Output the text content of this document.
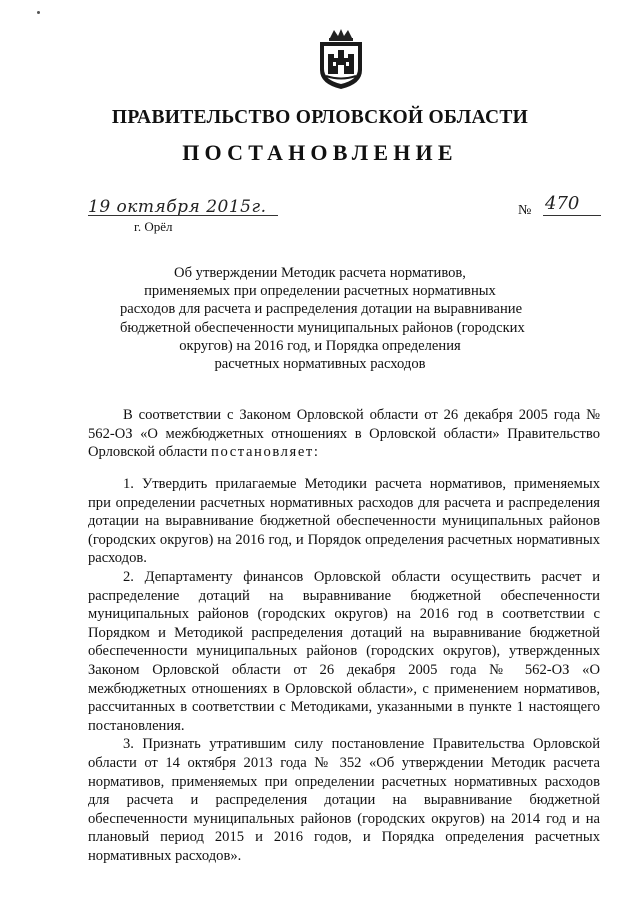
ПРАВИТЕЛЬСТВО ОРЛОВСКОЙ ОБЛАСТИ
ПОСТАНОВЛЕНИЕ
19 октября 2015г.
г. Орёл
№ 470
Об утверждении Методик расчета нормативов,
применяемых при определении расчетных нормативных
расходов для расчета и распределения дотации на выравнивание
бюджетной обеспеченности муниципальных районов (городских
округов) на 2016 год, и Порядка определения
расчетных нормативных расходов

В соответствии с Законом Орловской области от 26 декабря 2005 года № 562-ОЗ «О межбюджетных отношениях в Орловской области» Правительство Орловской области постановляет:

1. Утвердить прилагаемые Методики расчета нормативов, применяемых при определении расчетных нормативных расходов для расчета и распределения дотации на выравнивание бюджетной обеспеченности муниципальных районов (городских округов) на 2016 год, и Порядок определения расчетных нормативных расходов.

2. Департаменту финансов Орловской области осуществить расчет и распределение дотаций на выравнивание бюджетной обеспеченности муниципальных районов (городских округов) на 2016 год в соответствии с Порядком и Методикой распределения дотаций на выравнивание бюджетной обеспеченности муниципальных районов (городских округов), утвержденных Законом Орловской области от 26 декабря 2005 года № 562-ОЗ «О межбюджетных отношениях в Орловской области», с применением нормативов, рассчитанных в соответствии с Методиками, указанными в пункте 1 настоящего постановления.

3. Признать утратившим силу постановление Правительства Орловской области от 14 октября 2013 года № 352 «Об утверждении Методик расчета нормативов, применяемых при определении расчетных нормативных расходов для расчета и распределения дотации на выравнивание бюджетной обеспеченности муниципальных районов (городских округов) на 2014 год и на плановый период 2015 и 2016 годов, и Порядка определения расчетных нормативных расходов».
